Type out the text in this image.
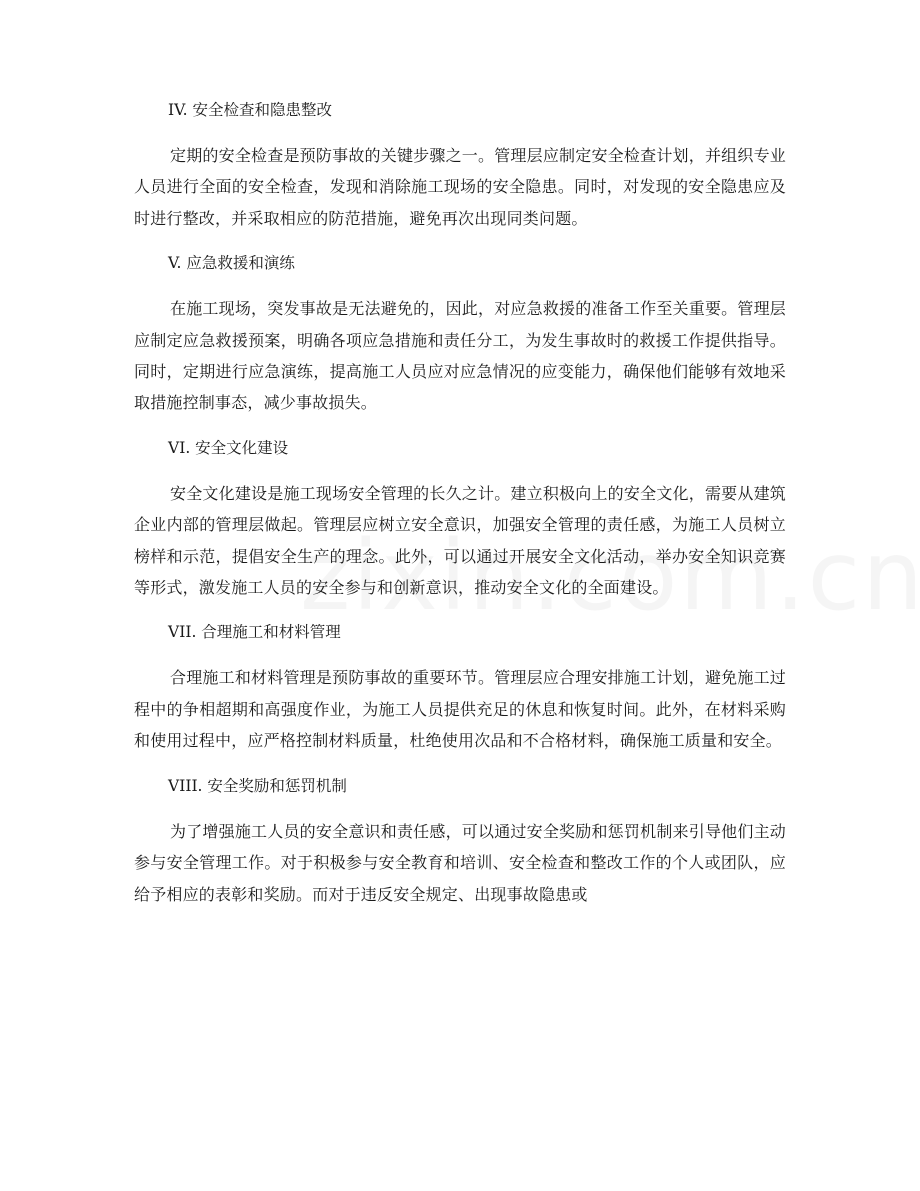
IV. 安全检查和隐患整改

定期的安全检查是预防事故的关键步骤之一。管理层应制定安全检查计划，并组织专业人员进行全面的安全检查，发现和消除施工现场的安全隐患。同时，对发现的安全隐患应及时进行整改，并采取相应的防范措施，避免再次出现同类问题。

V. 应急救援和演练

在施工现场，突发事故是无法避免的，因此，对应急救援的准备工作至关重要。管理层应制定应急救援预案，明确各项应急措施和责任分工，为发生事故时的救援工作提供指导。同时，定期进行应急演练，提高施工人员应对应急情况的应变能力，确保他们能够有效地采取措施控制事态，减少事故损失。

VI. 安全文化建设

安全文化建设是施工现场安全管理的长久之计。建立积极向上的安全文化，需要从建筑企业内部的管理层做起。管理层应树立安全意识，加强安全管理的责任感，为施工人员树立榜样和示范，提倡安全生产的理念。此外，可以通过开展安全文化活动，举办安全知识竞赛等形式，激发施工人员的安全参与和创新意识，推动安全文化的全面建设。

VII. 合理施工和材料管理

合理施工和材料管理是预防事故的重要环节。管理层应合理安排施工计划，避免施工过程中的争相超期和高强度作业，为施工人员提供充足的休息和恢复时间。此外，在材料采购和使用过程中，应严格控制材料质量，杜绝使用次品和不合格材料，确保施工质量和安全。

VIII. 安全奖励和惩罚机制

为了增强施工人员的安全意识和责任感，可以通过安全奖励和惩罚机制来引导他们主动参与安全管理工作。对于积极参与安全教育和培训、安全检查和整改工作的个人或团队，应给予相应的表彰和奖励。而对于违反安全规定、出现事故隐患或
